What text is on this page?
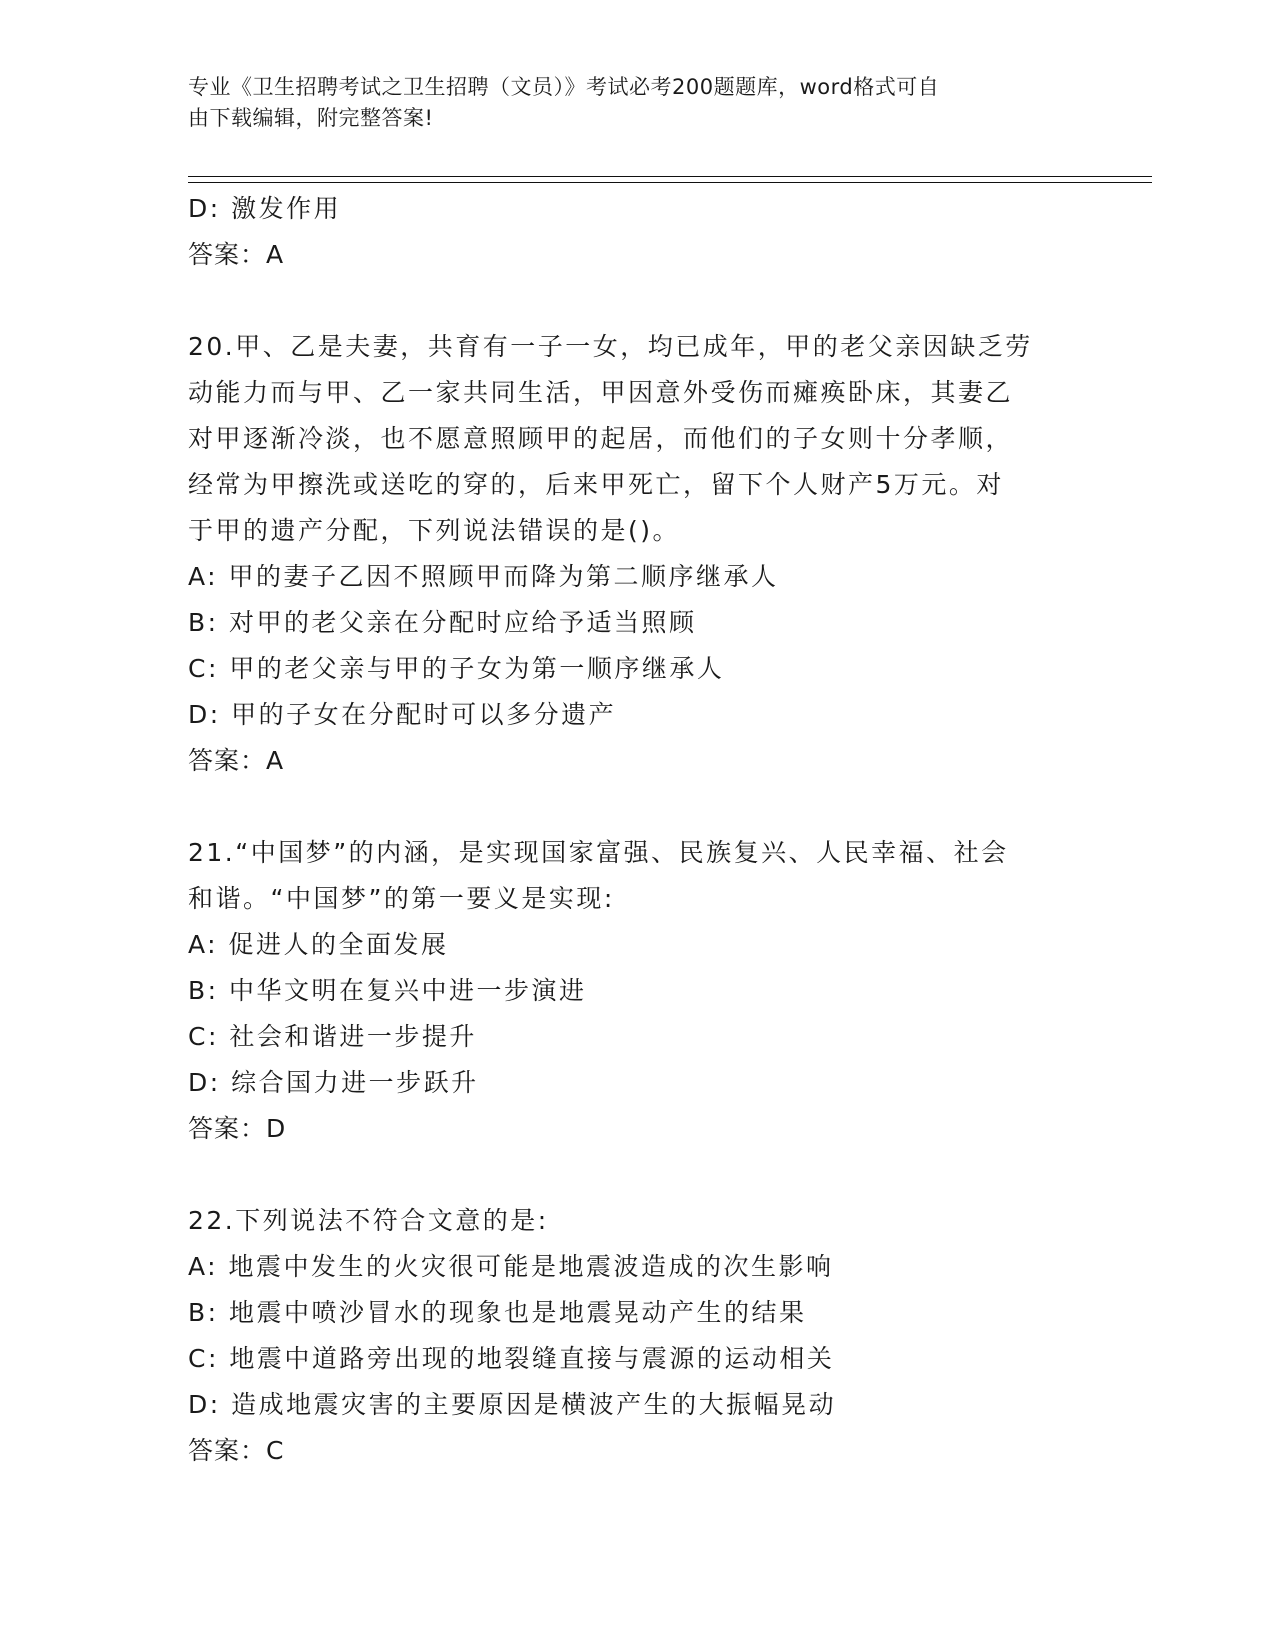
专业《卫生招聘考试之卫生招聘（文员）》考试必考200题题库，word格式可自
由下载编辑，附完整答案!
D: 激发作用
答案：A
20.甲、乙是夫妻，共育有一子一女，均已成年，甲的老父亲因缺乏劳
动能力而与甲、乙一家共同生活，甲因意外受伤而瘫痪卧床，其妻乙
对甲逐渐冷淡，也不愿意照顾甲的起居，而他们的子女则十分孝顺，
经常为甲擦洗或送吃的穿的，后来甲死亡，留下个人财产5万元。对
于甲的遗产分配，下列说法错误的是()。
A: 甲的妻子乙因不照顾甲而降为第二顺序继承人
B: 对甲的老父亲在分配时应给予适当照顾
C: 甲的老父亲与甲的子女为第一顺序继承人
D: 甲的子女在分配时可以多分遗产
答案：A
21.“中国梦”的内涵，是实现国家富强、民族复兴、人民幸福、社会
和谐。“中国梦”的第一要义是实现:
A: 促进人的全面发展
B: 中华文明在复兴中进一步演进
C: 社会和谐进一步提升
D: 综合国力进一步跃升
答案：D
22.下列说法不符合文意的是:
A: 地震中发生的火灾很可能是地震波造成的次生影响
B: 地震中喷沙冒水的现象也是地震晃动产生的结果
C: 地震中道路旁出现的地裂缝直接与震源的运动相关
D: 造成地震灾害的主要原因是横波产生的大振幅晃动
答案：C
